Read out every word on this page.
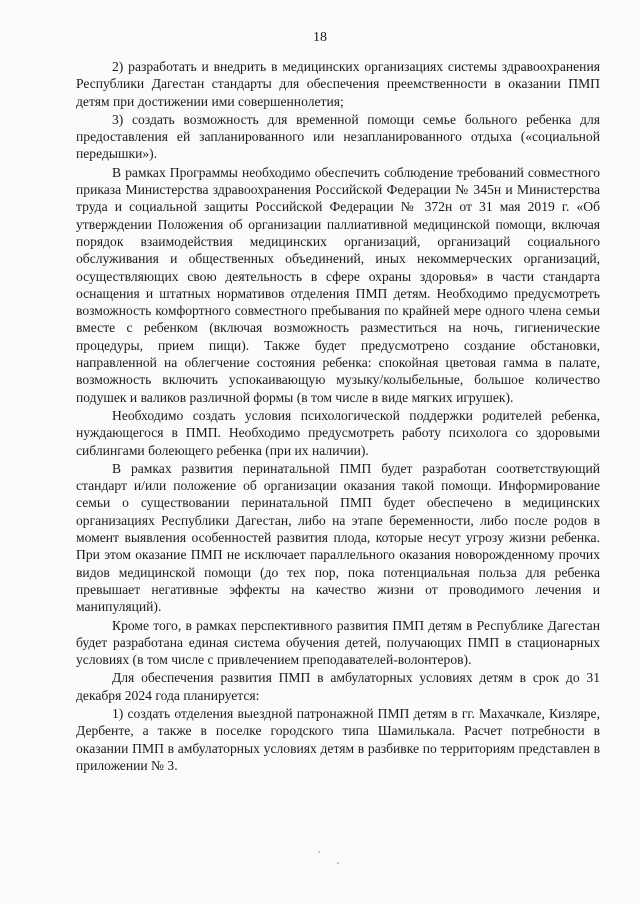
18

2) разработать и внедрить в медицинских организациях системы здравоохранения Республики Дагестан стандарты для обеспечения преемственности в оказании ПМП детям при достижении ими совершеннолетия;

3) создать возможность для временной помощи семье больного ребенка для предоставления ей запланированного или незапланированного отдыха («социальной передышки»).

В рамках Программы необходимо обеспечить соблюдение требований совместного приказа Министерства здравоохранения Российской Федерации № 345н и Министерства труда и социальной защиты Российской Федерации № 372н от 31 мая 2019 г. «Об утверждении Положения об организации паллиативной медицинской помощи, включая порядок взаимодействия медицинских организаций, организаций социального обслуживания и общественных объединений, иных некоммерческих организаций, осуществляющих свою деятельность в сфере охраны здоровья» в части стандарта оснащения и штатных нормативов отделения ПМП детям. Необходимо предусмотреть возможность комфортного совместного пребывания по крайней мере одного члена семьи вместе с ребенком (включая возможность разместиться на ночь, гигиенические процедуры, прием пищи). Также будет предусмотрено создание обстановки, направленной на облегчение состояния ребенка: спокойная цветовая гамма в палате, возможность включить успокаивающую музыку/колыбельные, большое количество подушек и валиков различной формы (в том числе в виде мягких игрушек).

Необходимо создать условия психологической поддержки родителей ребенка, нуждающегося в ПМП. Необходимо предусмотреть работу психолога со здоровыми сиблингами болеющего ребенка (при их наличии).

В рамках развития перинатальной ПМП будет разработан соответствующий стандарт и/или положение об организации оказания такой помощи. Информирование семьи о существовании перинатальной ПМП будет обеспечено в медицинских организациях Республики Дагестан, либо на этапе беременности, либо после родов в момент выявления особенностей развития плода, которые несут угрозу жизни ребенка. При этом оказание ПМП не исключает параллельного оказания новорожденному прочих видов медицинской помощи (до тех пор, пока потенциальная польза для ребенка превышает негативные эффекты на качество жизни от проводимого лечения и манипуляций).

Кроме того, в рамках перспективного развития ПМП детям в Республике Дагестан будет разработана единая система обучения детей, получающих ПМП в стационарных условиях (в том числе с привлечением преподавателей-волонтеров).

Для обеспечения развития ПМП в амбулаторных условиях детям в срок до 31 декабря 2024 года планируется:

1) создать отделения выездной патронажной ПМП детям в гг. Махачкале, Кизляре, Дербенте, а также в поселке городского типа Шамилькала. Расчет потребности в оказании ПМП в амбулаторных условиях детям в разбивке по территориям представлен в приложении № 3.
